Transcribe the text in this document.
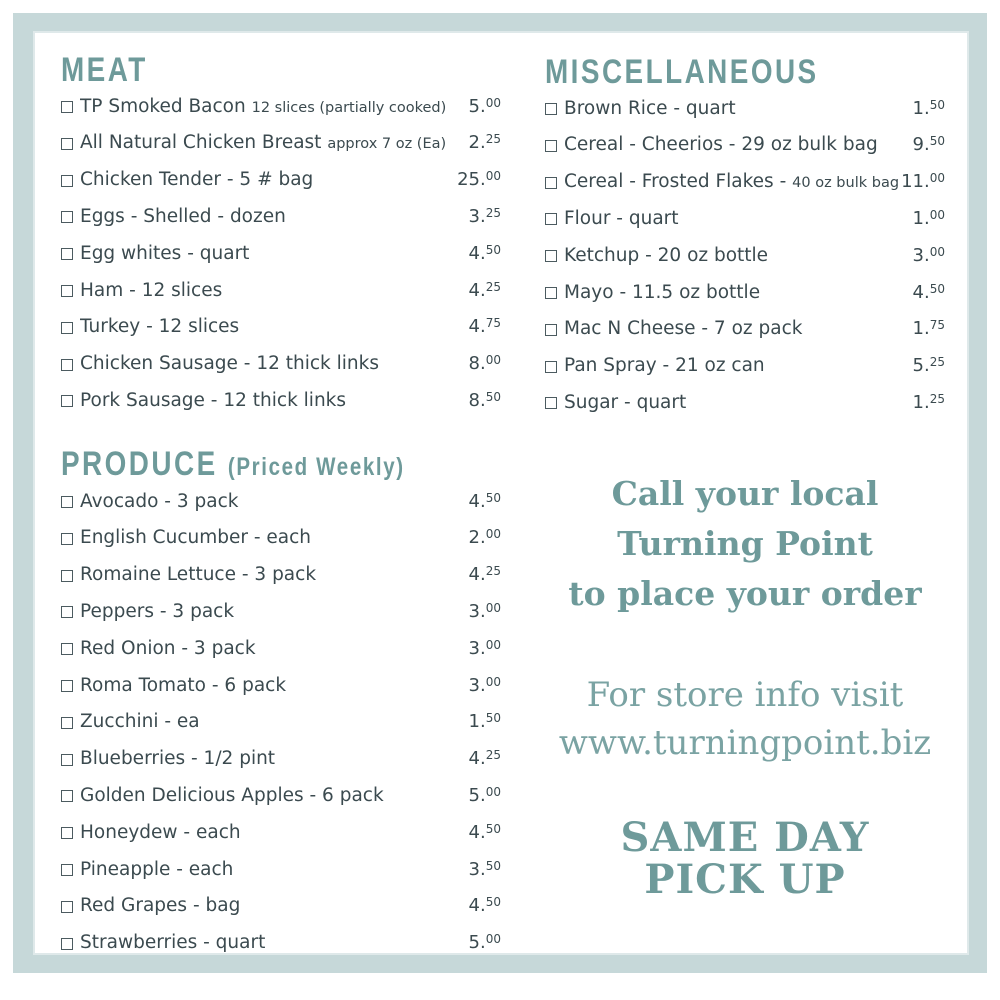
MEAT
TP Smoked Bacon 12 slices (partially cooked)	5.00
All Natural Chicken Breast approx 7 oz (Ea)	2.25
Chicken Tender - 5 # bag	25.00
Eggs - Shelled - dozen	3.25
Egg whites - quart	4.50
Ham - 12 slices	4.25
Turkey - 12 slices	4.75
Chicken Sausage - 12 thick links	8.00
Pork Sausage - 12 thick links	8.50
PRODUCE (Priced Weekly)
Avocado - 3 pack	4.50
English Cucumber - each	2.00
Romaine Lettuce - 3 pack	4.25
Peppers - 3 pack	3.00
Red Onion - 3 pack	3.00
Roma Tomato - 6 pack	3.00
Zucchini - ea	1.50
Blueberries - 1/2 pint	4.25
Golden Delicious Apples - 6 pack	5.00
Honeydew - each	4.50
Pineapple - each	3.50
Red Grapes - bag	4.50
Strawberries - quart	5.00
MISCELLANEOUS
Brown Rice - quart	1.50
Cereal - Cheerios - 29 oz bulk bag	9.50
Cereal - Frosted Flakes - 40 oz bulk bag 11.00
Flour - quart	1.00
Ketchup - 20 oz bottle	3.00
Mayo - 11.5 oz bottle	4.50
Mac N Cheese - 7 oz pack	1.75
Pan Spray - 21 oz can	5.25
Sugar - quart	1.25
Call your local
Turning Point
to place your order
For store info visit
www.turningpoint.biz
SAME DAY
PICK UP
